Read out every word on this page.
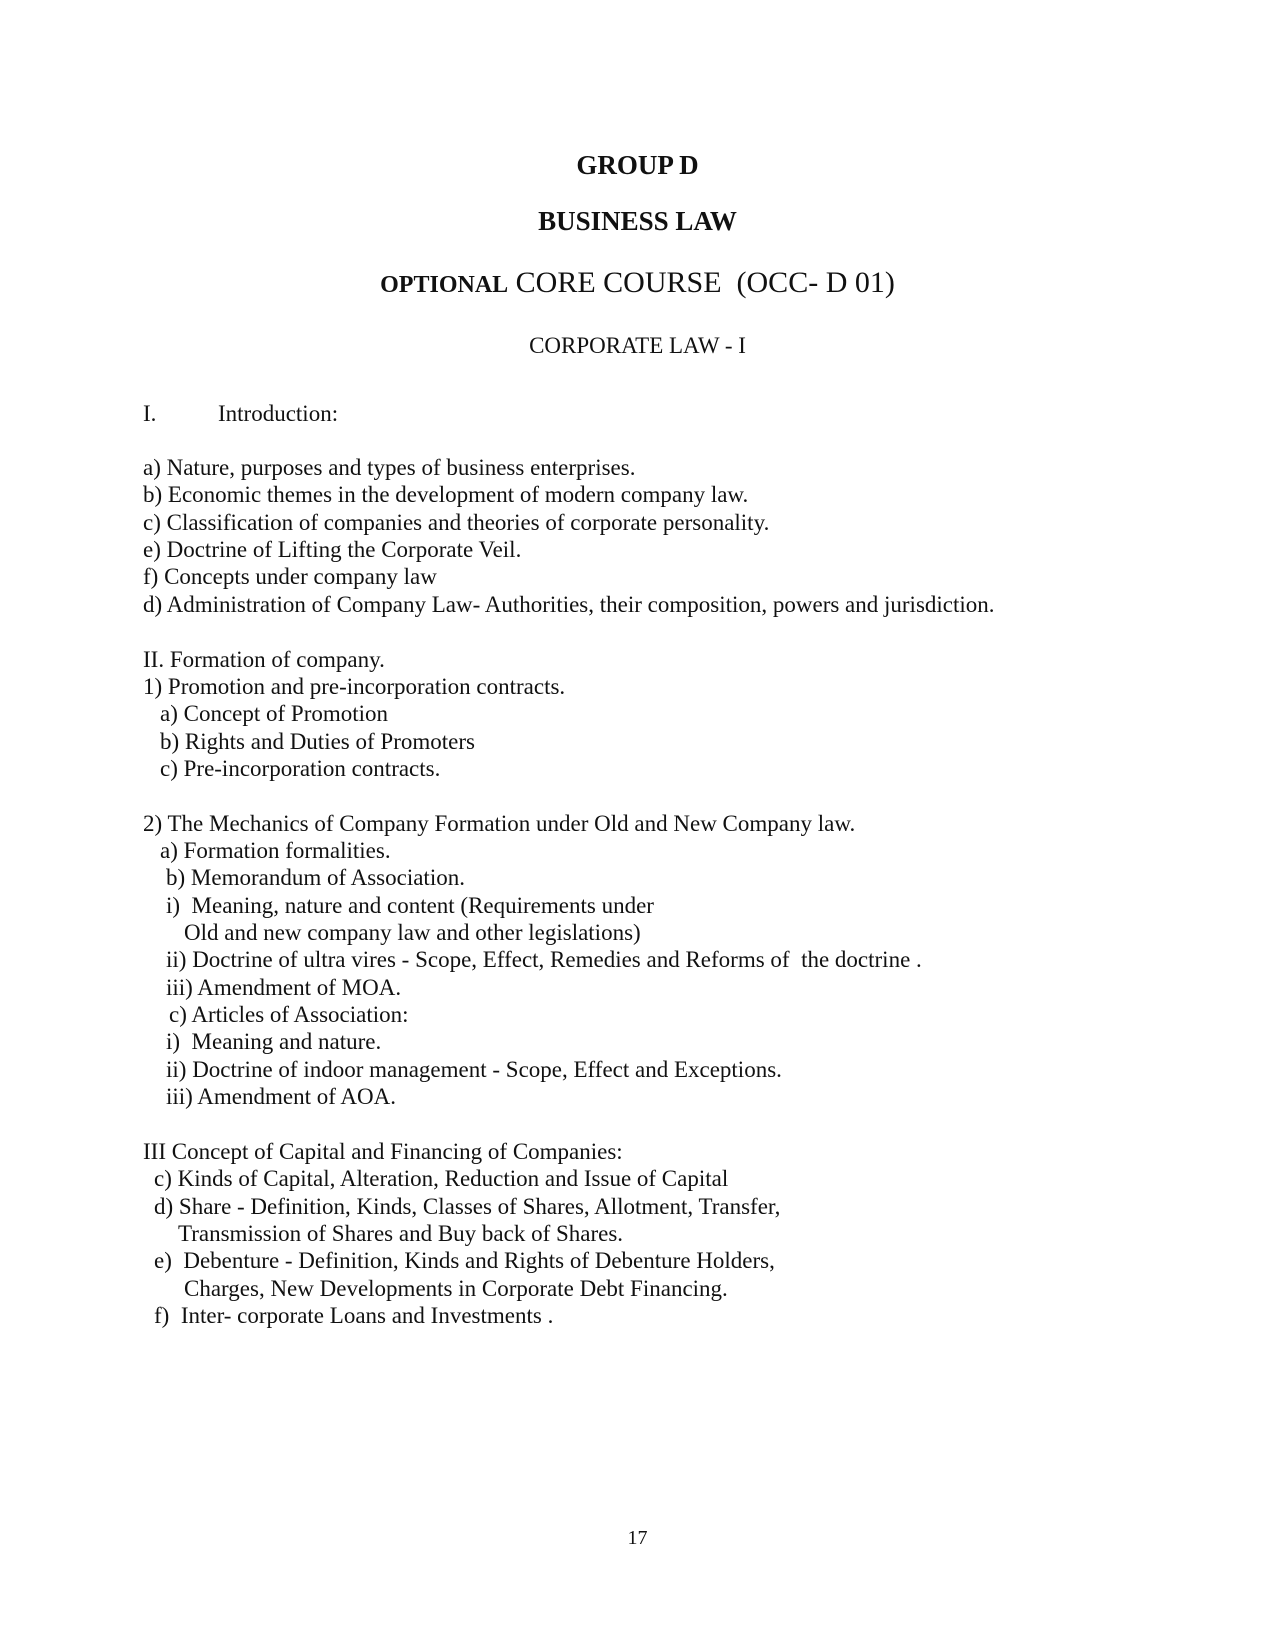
GROUP D
BUSINESS LAW
OPTIONAL CORE COURSE  (OCC- D 01)
CORPORATE LAW - I
I.	Introduction:
a) Nature, purposes and types of business enterprises.
b) Economic themes in the development of modern company law.
c) Classification of companies and theories of corporate personality.
e) Doctrine of Lifting the Corporate Veil.
f) Concepts under company law
d) Administration of Company Law- Authorities, their composition, powers and jurisdiction.
II. Formation of company.
1) Promotion and pre-incorporation contracts.
a) Concept of Promotion
b) Rights and Duties of Promoters
c) Pre-incorporation contracts.
2) The Mechanics of Company Formation under Old and New Company law.
a) Formation formalities.
b) Memorandum of Association.
i)  Meaning, nature and content (Requirements under
Old and new company law and other legislations)
ii) Doctrine of ultra vires - Scope, Effect, Remedies and Reforms of  the doctrine .
iii) Amendment of MOA.
c) Articles of Association:
i)  Meaning and nature.
ii) Doctrine of indoor management - Scope, Effect and Exceptions.
iii) Amendment of AOA.
III Concept of Capital and Financing of Companies:
c) Kinds of Capital, Alteration, Reduction and Issue of Capital
d) Share - Definition, Kinds, Classes of Shares, Allotment, Transfer,
Transmission of Shares and Buy back of Shares.
e)  Debenture - Definition, Kinds and Rights of Debenture Holders,
Charges, New Developments in Corporate Debt Financing.
f)  Inter- corporate Loans and Investments .
17
